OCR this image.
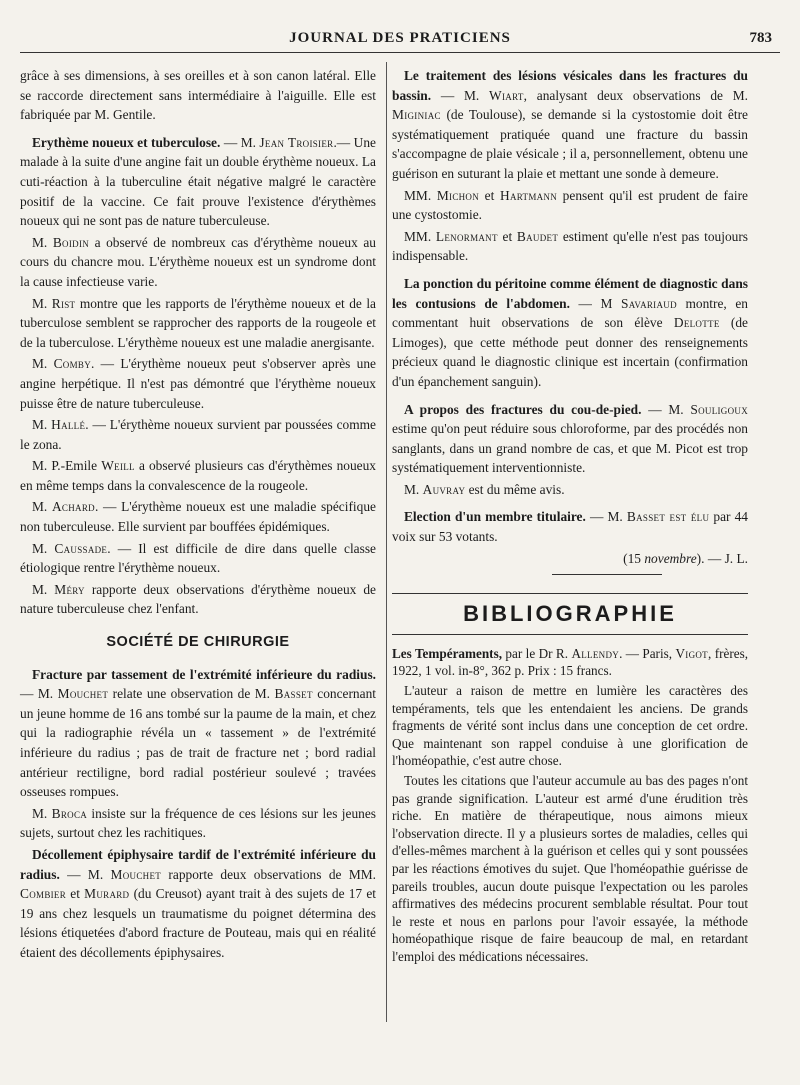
JOURNAL DES PRATICIENS	783

grâce à ses dimensions, à ses oreilles et à son canon latéral. Elle se raccorde directement sans intermédiaire à l'aiguille. Elle est fabriquée par M. Gentile.

Erythème noueux et tuberculose. — M. Jean Troisier.— Une malade à la suite d'une angine fait un double érythème noueux. La cuti-réaction à la tuberculine était négative malgré le caractère positif de la vaccine. Ce fait prouve l'existence d'érythèmes noueux qui ne sont pas de nature tuberculeuse.

M. Boidin a observé de nombreux cas d'érythème noueux au cours du chancre mou. L'érythème noueux est un syndrome dont la cause infectieuse varie.

M. Rist montre que les rapports de l'érythème noueux et de la tuberculose semblent se rapprocher des rapports de la rougeole et de la tuberculose. L'érythème noueux est une maladie anergisante.

M. Comby. — L'érythème noueux peut s'observer après une angine herpétique. Il n'est pas démontré que l'érythème noueux puisse être de nature tuberculeuse.

M. Hallé. — L'érythème noueux survient par poussées comme le zona.

M. P.-Emile Weill a observé plusieurs cas d'érythèmes noueux en même temps dans la convalescence de la rougeole.

M. Achard. — L'érythème noueux est une maladie spécifique non tuberculeuse. Elle survient par bouffées épidémiques.

M. Caussade. — Il est difficile de dire dans quelle classe étiologique rentre l'érythème noueux.

M. Méry rapporte deux observations d'érythème noueux de nature tuberculeuse chez l'enfant.

SOCIÉTÉ DE CHIRURGIE

Fracture par tassement de l'extrémité inférieure du radius. — M. Mouchet relate une observation de M. Basset concernant un jeune homme de 16 ans tombé sur la paume de la main, et chez qui la radiographie révéla un « tassement » de l'extrémité inférieure du radius ; pas de trait de fracture net ; bord radial antérieur rectiligne, bord radial postérieur soulevé ; travées osseuses rompues.

M. Broca insiste sur la fréquence de ces lésions sur les jeunes sujets, surtout chez les rachitiques.

Décollement épiphysaire tardif de l'extrémité inférieure du radius. — M. Mouchet rapporte deux observations de MM. Combier et Murard (du Creusot) ayant trait à des sujets de 17 et 19 ans chez lesquels un traumatisme du poignet détermina des lésions étiquetées d'abord fracture de Pouteau, mais qui en réalité étaient des décollements épiphysaires.

Le traitement des lésions vésicales dans les fractures du bassin. — M. Wiart, analysant deux observations de M. Miginiac (de Toulouse), se demande si la cystostomie doit être systématiquement pratiquée quand une fracture du bassin s'accompagne de plaie vésicale ; il a, personnellement, obtenu une guérison en suturant la plaie et mettant une sonde à demeure.

MM. Michon et Hartmann pensent qu'il est prudent de faire une cystostomie.

MM. Lenormant et Baudet estiment qu'elle n'est pas toujours indispensable.

La ponction du péritoine comme élément de diagnostic dans les contusions de l'abdomen. — M Savariaud montre, en commentant huit observations de son élève Delotte (de Limoges), que cette méthode peut donner des renseignements précieux quand le diagnostic clinique est incertain (confirmation d'un épanchement sanguin).

A propos des fractures du cou-de-pied. — M. Souligoux estime qu'on peut réduire sous chloroforme, par des procédés non sanglants, dans un grand nombre de cas, et que M. Picot est trop systématiquement interventionniste.

M. Auvray est du même avis.

Election d'un membre titulaire. — M. Basset est élu par 44 voix sur 53 votants.

(15 novembre). — J. L.

BIBLIOGRAPHIE

Les Tempéraments, par le Dr R. Allendy. — Paris, Vigot, frères, 1922, 1 vol. in-8°, 362 p. Prix : 15 francs.

L'auteur a raison de mettre en lumière les caractères des tempéraments, tels que les entendaient les anciens. De grands fragments de vérité sont inclus dans une conception de cet ordre. Que maintenant son rappel conduise à une glorification de l'homéopathie, c'est autre chose.

Toutes les citations que l'auteur accumule au bas des pages n'ont pas grande signification. L'auteur est armé d'une érudition très riche. En matière de thérapeutique, nous aimons mieux l'observation directe. Il y a plusieurs sortes de maladies, celles qui d'elles-mêmes marchent à la guérison et celles qui y sont poussées par les réactions émotives du sujet. Que l'homéopathie guérisse de pareils troubles, aucun doute puisque l'expectation ou les paroles affirmatives des médecins procurent semblable résultat. Pour tout le reste et nous en parlons pour l'avoir essayée, la méthode homéopathique risque de faire beaucoup de mal, en retardant l'emploi des médications nécessaires.
